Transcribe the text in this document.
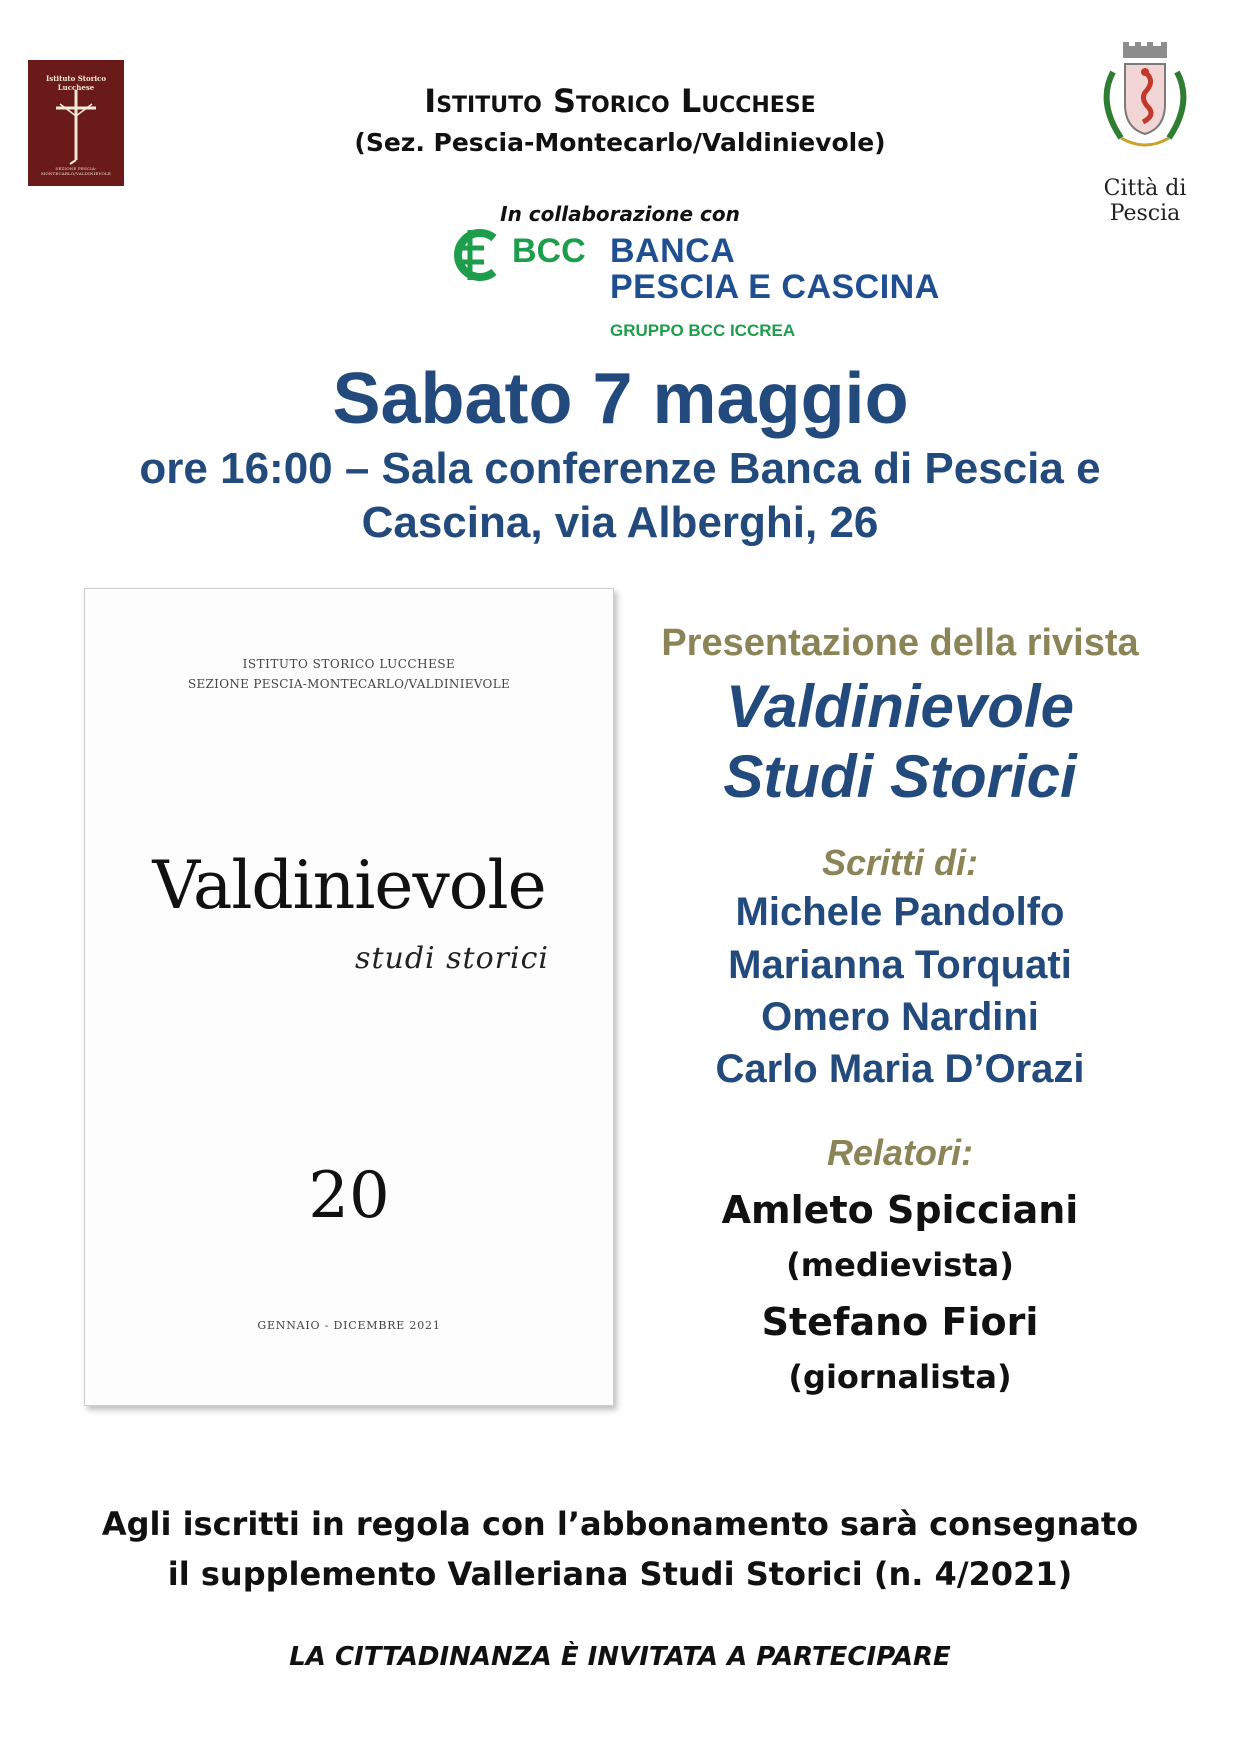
Istituto Storico Lucchese
SEZIONE PESCIA-MONTECARLO/VALDINIEVOLE
Istituto Storico Lucchese
(Sez. Pescia-Montecarlo/Valdinievole)
Città di Pescia
In collaborazione con
BCC BANCA
PESCIA E CASCINA
GRUPPO BCC ICCREA
Sabato 7 maggio
ore 16:00 – Sala conferenze Banca di Pescia e
Cascina, via Alberghi, 26
ISTITUTO STORICO LUCCHESE
SEZIONE PESCIA-MONTECARLO/VALDINIEVOLE
Valdinievole
studi storici
20
GENNAIO - DICEMBRE 2021
Presentazione della rivista
Valdinievole
Studi Storici
Scritti di:
Michele Pandolfo
Marianna Torquati
Omero Nardini
Carlo Maria D’Orazi
Relatori:
Amleto Spicciani
(medievista)
Stefano Fiori
(giornalista)
Agli iscritti in regola con l’abbonamento sarà consegnato
il supplemento Valleriana Studi Storici (n. 4/2021)
LA CITTADINANZA È INVITATA A PARTECIPARE
